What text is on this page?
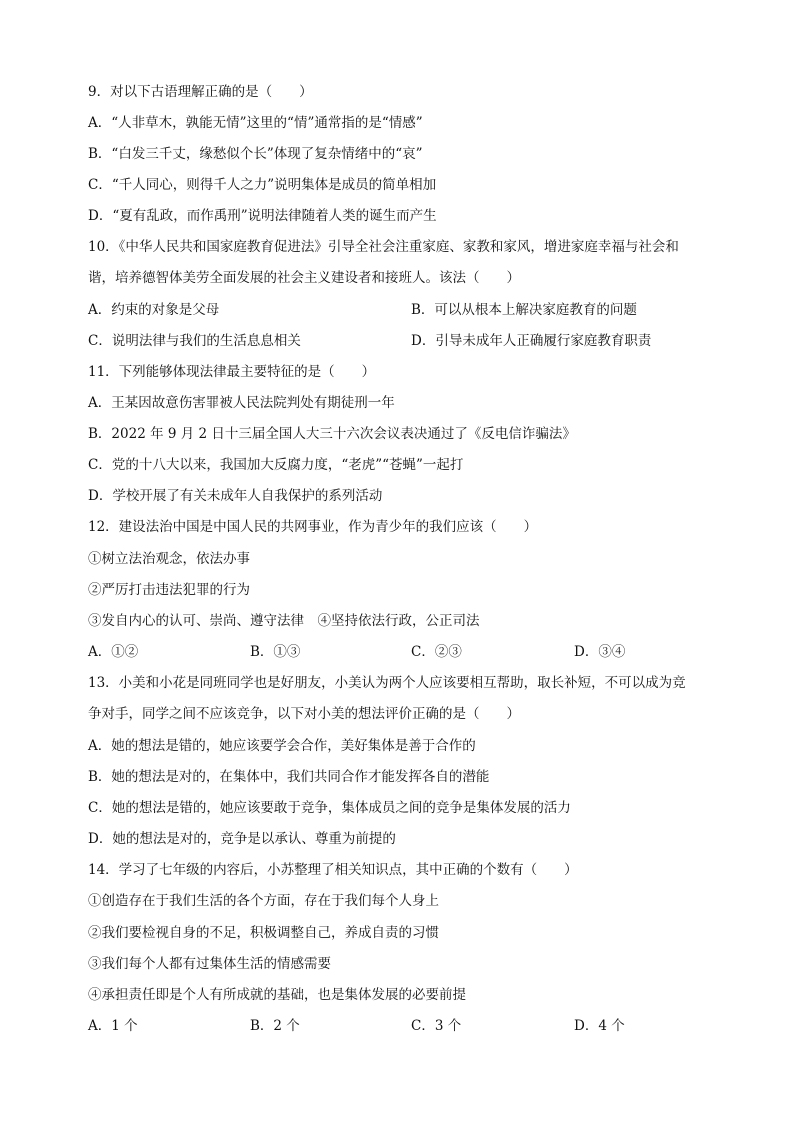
9．对以下古语理解正确的是（　　）
A．“人非草木，孰能无情”这里的“情”通常指的是“情感”
B．“白发三千丈，缘愁似个长”体现了复杂情绪中的“哀”
C．“千人同心，则得千人之力”说明集体是成员的简单相加
D．“夏有乱政，而作禹刑”说明法律随着人类的诞生而产生
10．《中华人民共和国家庭教育促进法》引导全社会注重家庭、家教和家风，增进家庭幸福与社会和
谐，培养德智体美劳全面发展的社会主义建设者和接班人。该法（　　）
A．约束的对象是父母	B．可以从根本上解决家庭教育的问题
C．说明法律与我们的生活息息相关	D．引导未成年人正确履行家庭教育职责
11．下列能够体现法律最主要特征的是（　　）
A．王某因故意伤害罪被人民法院判处有期徒刑一年
B．2022 年 9 月 2 日十三届全国人大三十六次会议表决通过了《反电信诈骗法》
C．党的十八大以来，我国加大反腐力度，“老虎”“苍蝇”一起打
D．学校开展了有关未成年人自我保护的系列活动
12．建设法治中国是中国人民的共网事业，作为青少年的我们应该（　　）
①树立法治观念，依法办事
②严厉打击违法犯罪的行为
③发自内心的认可、崇尚、遵守法律　④坚持依法行政，公正司法
A．①②	B．①③	C．②③	D．③④
13．小美和小花是同班同学也是好朋友，小美认为两个人应该要相互帮助，取长补短，不可以成为竞
争对手，同学之间不应该竞争，以下对小美的想法评价正确的是（　　）
A．她的想法是错的，她应该要学会合作，美好集体是善于合作的
B．她的想法是对的，在集体中，我们共同合作才能发挥各自的潜能
C．她的想法是错的，她应该要敢于竞争，集体成员之间的竞争是集体发展的活力
D．她的想法是对的，竞争是以承认、尊重为前提的
14．学习了七年级的内容后，小苏整理了相关知识点，其中正确的个数有（　　）
①创造存在于我们生活的各个方面，存在于我们每个人身上
②我们要检视自身的不足，积极调整自己，养成自责的习惯
③我们每个人都有过集体生活的情感需要
④承担责任即是个人有所成就的基础，也是集体发展的必要前提
A．1 个	B．2 个	C．3 个	D．4 个
